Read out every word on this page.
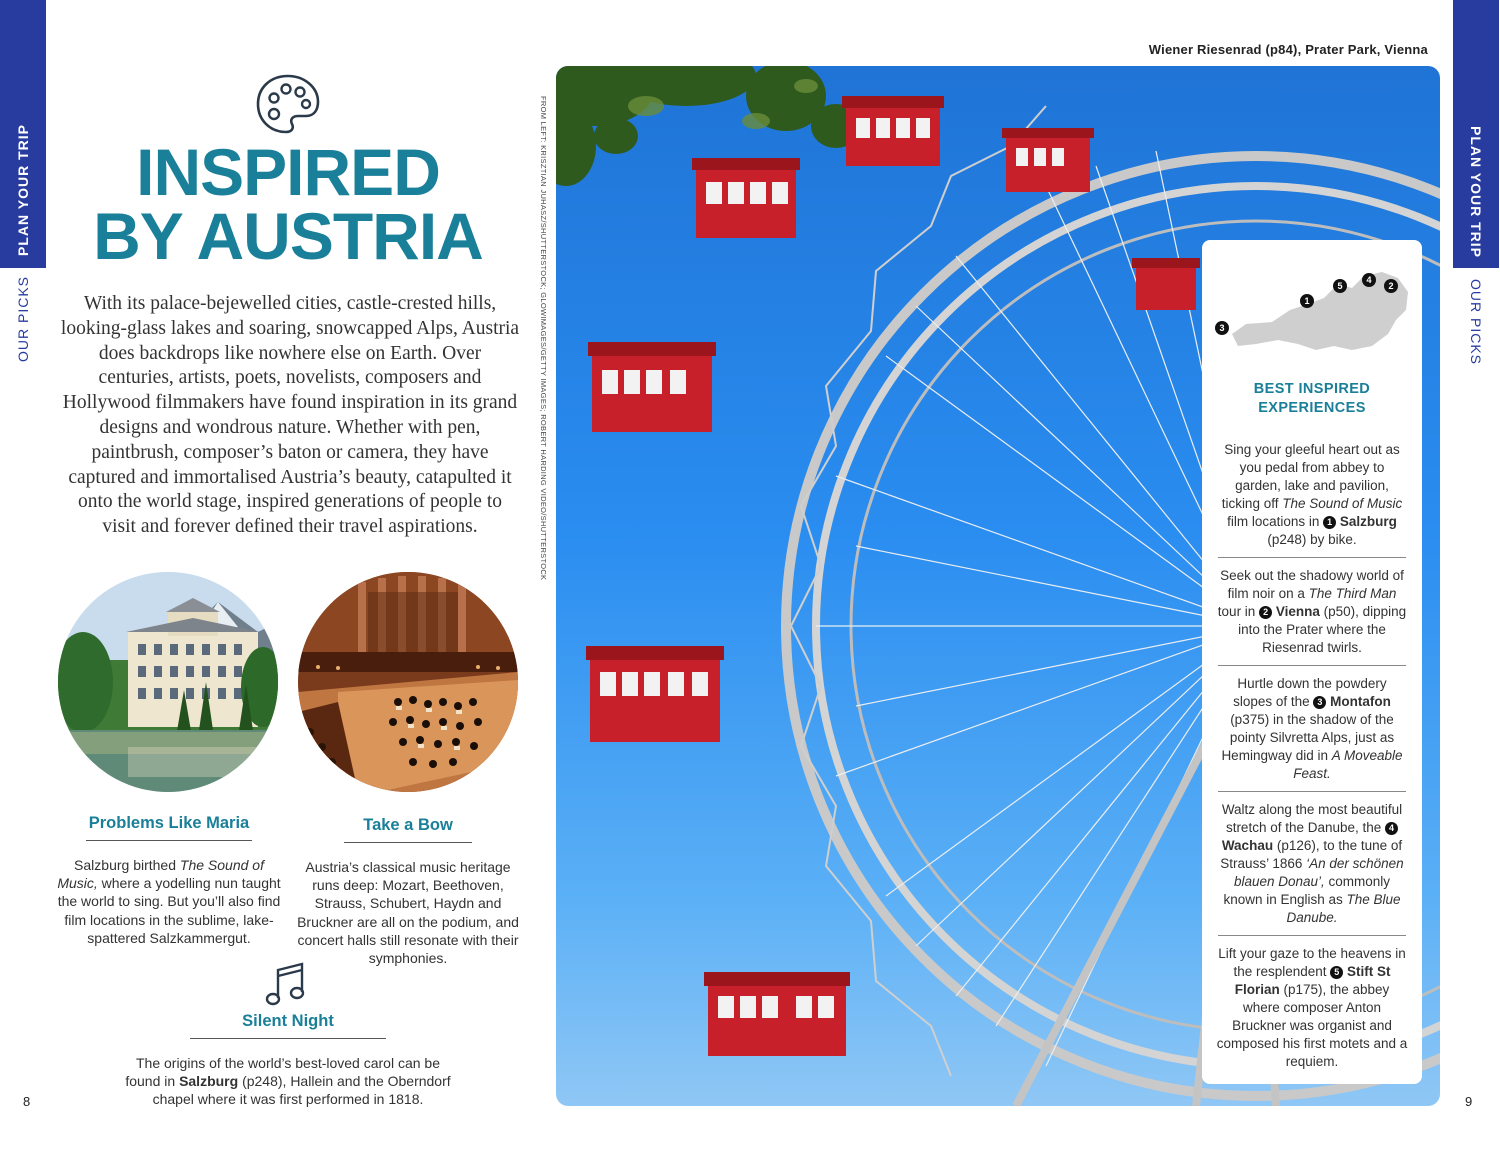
PLAN YOUR TRIP
OUR PICKS
PLAN YOUR TRIP
OUR PICKS
INSPIRED
BY AUSTRIA

With its palace-bejewelled cities, castle-crested hills, looking-glass lakes and soaring, snowcapped Alps, Austria does backdrops like nowhere else on Earth. Over centuries, artists, poets, novelists, composers and Hollywood filmmakers have found inspiration in its grand designs and wondrous nature. Whether with pen, paintbrush, composer’s baton or camera, they have captured and immortalised Austria’s beauty, catapulted it onto the world stage, inspired generations of people to visit and forever defined their travel aspirations.

Problems Like Maria

Salzburg birthed The Sound of Music, where a yodelling nun taught the world to sing. But you’ll also find film locations in the sublime, lake-spattered Salzkammergut.

Take a Bow

Austria’s classical music heritage runs deep: Mozart, Beethoven, Strauss, Schubert, Haydn and Bruckner are all on the podium, and concert halls still resonate with their symphonies.

Silent Night

The origins of the world’s best-loved carol can be found in Salzburg (p248), Hallein and the Oberndorf chapel where it was first performed in 1818.

8
FROM LEFT: KRISZTIAN JUHASZ/SHUTTERSTOCK; GLOWIMAGES/GETTY IMAGES; ROBERT HARDING VIDEO/SHUTTERSTOCK
Wiener Riesenrad (p84), Prater Park, Vienna
1
2
3
4
5
BEST INSPIRED
EXPERIENCES

Sing your gleeful heart out as you pedal from abbey to garden, lake and pavilion, ticking off The Sound of Music film locations in 1 Salzburg (p248) by bike.

Seek out the shadowy world of film noir on a The Third Man tour in 2 Vienna (p50), dipping into the Prater where the Riesenrad twirls.

Hurtle down the powdery slopes of the 3 Montafon (p375) in the shadow of the pointy Silvretta Alps, just as Hemingway did in A Moveable Feast.

Waltz along the most beautiful stretch of the Danube, the 4 Wachau (p126), to the tune of Strauss’ 1866 ‘An der schönen blauen Donau’, commonly known in English as The Blue Danube.

Lift your gaze to the heavens in the resplendent 5 Stift St Florian (p175), the abbey where composer Anton Bruckner was organist and composed his first motets and a requiem.

9
